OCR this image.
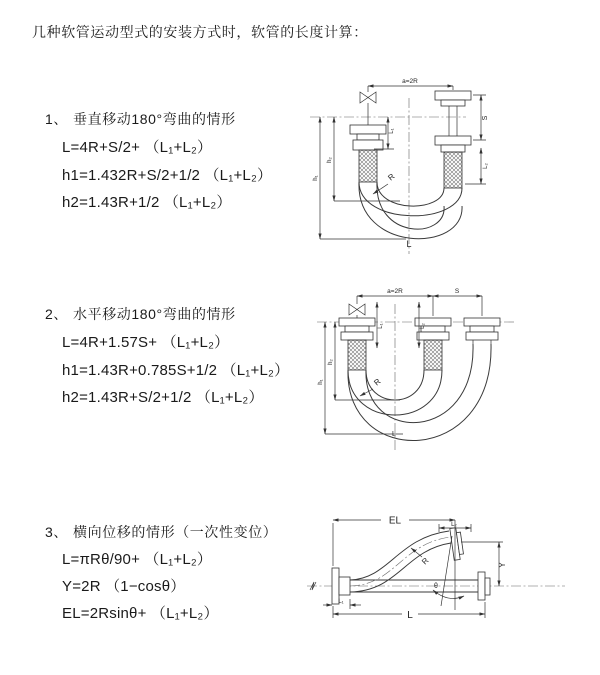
几种软管运动型式的安装方式时，软管的长度计算：
1、 垂直移动180°弯曲的情形
L=4R+S/2+ （L₁+L₂）
h1=1.432R+S/2+1/2 （L₁+L₂）
h2=1.43R+1/2 （L₁+L₂）
2、 水平移动180°弯曲的情形
L=4R+1.57S+ （L₁+L₂）
h1=1.43R+0.785S+1/2 （L₁+L₂）
h2=1.43R+S/2+1/2 （L₁+L₂）
3、 横向位移的情形（一次性变位）
L=πRθ/90+ （L₁+L₂）
Y=2R （1−cosθ）
EL=2Rsinθ+ （L₁+L₂）
a=2R
L₁
S
L₂
h₁
h₂
R
L
a=2R	S
L₁	L₂
h₁
h₂
R
L
EL	L₂
θ
Y
R
L₁
L
